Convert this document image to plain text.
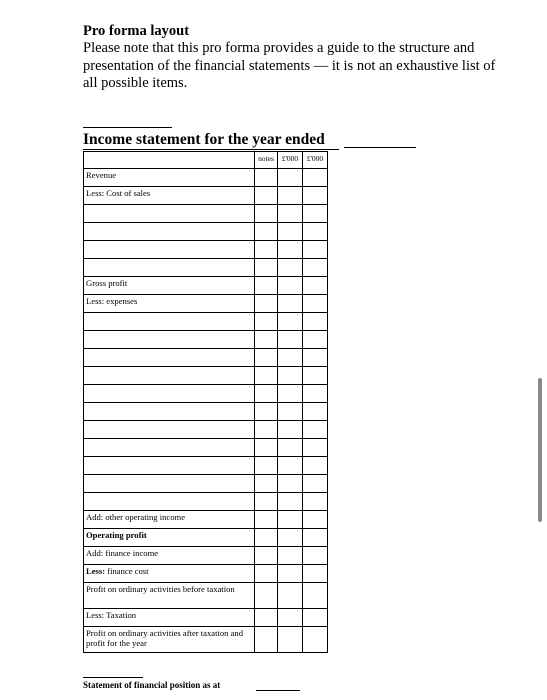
Pro forma layout
Please note that this pro forma provides a guide to the structure and presentation of the financial statements — it is not an exhaustive list of all possible items.
Income statement for the year ended
notes	£'000	£'000
Revenue
Less: Cost of sales
Gross profit
Less: expenses
Add: other operating income
Operating profit
Add: finance income
Less: finance cost
Profit on ordinary activities before taxation
Less: Taxation
Profit on ordinary activities after taxation and profit for the year
Statement of financial position as at
